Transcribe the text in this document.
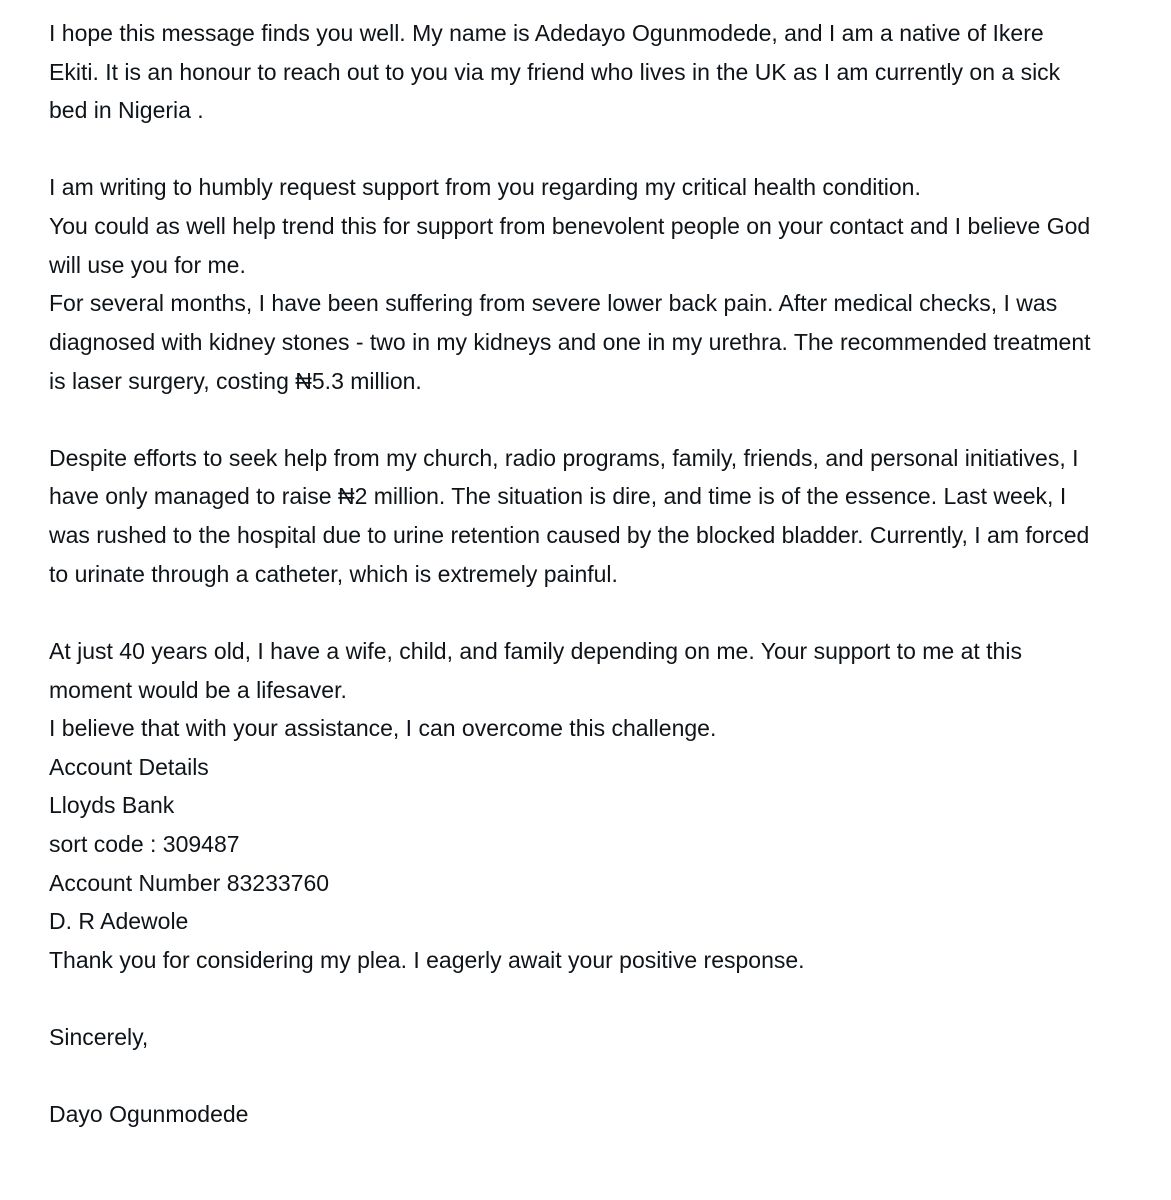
I hope this message finds you well. My name is Adedayo Ogunmodede, and I am a native of Ikere Ekiti. It is an honour to reach out to you via my friend who lives in the UK as I am currently on a sick bed in Nigeria .

I am writing to humbly request support from you regarding my critical health condition.

You could as well help trend this for support from benevolent people on your contact and I believe God will use you for me.

For several months, I have been suffering from severe lower back pain. After medical checks, I was diagnosed with kidney stones - two in my kidneys and one in my urethra. The recommended treatment is laser surgery, costing ₦5.3 million.

Despite efforts to seek help from my church, radio programs, family, friends, and personal initiatives, I have only managed to raise ₦2 million. The situation is dire, and time is of the essence. Last week, I was rushed to the hospital due to urine retention caused by the blocked bladder. Currently, I am forced to urinate through a catheter, which is extremely painful.

At just 40 years old, I have a wife, child, and family depending on me. Your support to me at this moment would be a lifesaver.

I believe that with your assistance, I can overcome this challenge.

Account Details

Lloyds Bank

sort code : 309487

Account Number 83233760

D. R Adewole

Thank you for considering my plea. I eagerly await your positive response.

Sincerely,

Dayo Ogunmodede
